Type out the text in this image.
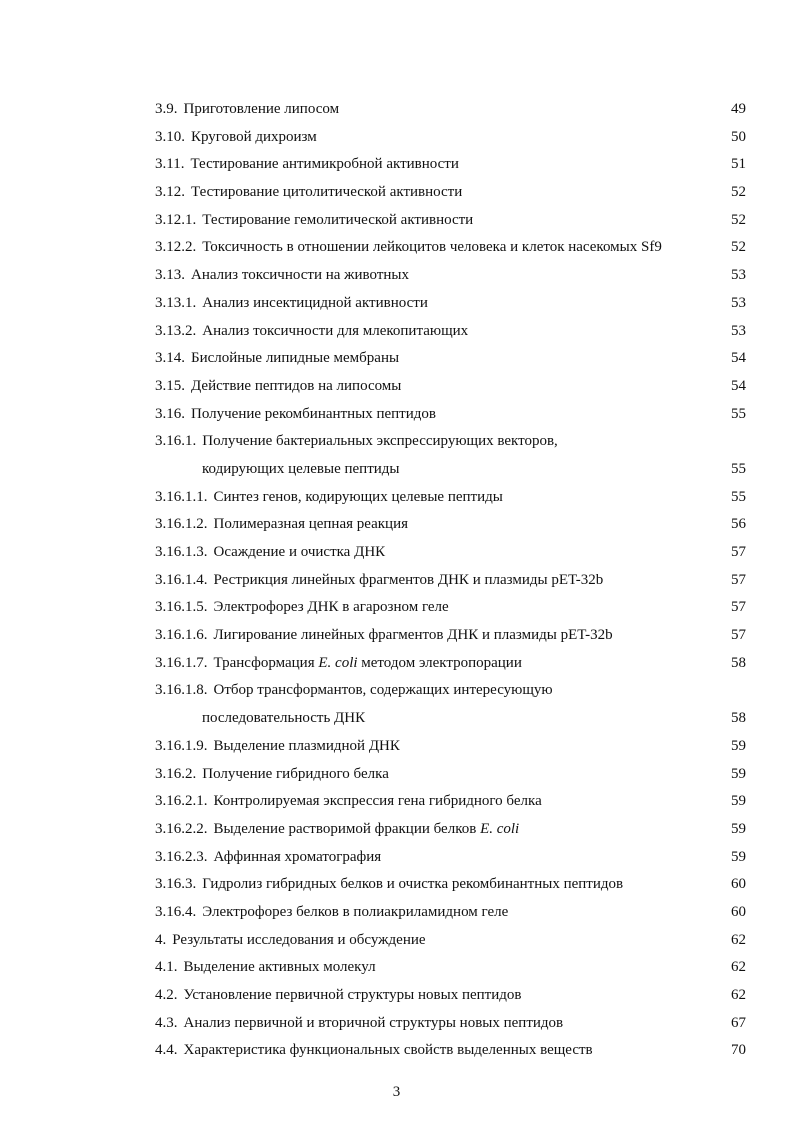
3.9. Приготовление липосом	49
3.10. Круговой дихроизм	50
3.11. Тестирование антимикробной активности	51
3.12. Тестирование цитолитической активности	52
3.12.1. Тестирование гемолитической активности	52
3.12.2. Токсичность в отношении лейкоцитов человека и клеток насекомых Sf9	52
3.13. Анализ токсичности на животных	53
3.13.1. Анализ инсектицидной активности	53
3.13.2. Анализ токсичности для млекопитающих	53
3.14. Бислойные липидные мембраны	54
3.15. Действие пептидов на липосомы	54
3.16. Получение рекомбинантных пептидов	55
3.16.1. Получение бактериальных экспрессирующих векторов,
кодирующих целевые пептиды	55
3.16.1.1. Синтез генов, кодирующих целевые пептиды	55
3.16.1.2. Полимеразная цепная реакция	56
3.16.1.3. Осаждение и очистка ДНК	57
3.16.1.4. Рестрикция линейных фрагментов ДНК и плазмиды pET-32b	57
3.16.1.5. Электрофорез ДНК в агарозном геле	57
3.16.1.6. Лигирование линейных фрагментов ДНК и плазмиды pET-32b	57
3.16.1.7. Трансформация E. coli методом электропорации	58
3.16.1.8. Отбор трансформантов, содержащих интересующую
последовательность ДНК	58
3.16.1.9. Выделение плазмидной ДНК	59
3.16.2. Получение гибридного белка	59
3.16.2.1. Контролируемая экспрессия гена гибридного белка	59
3.16.2.2. Выделение растворимой фракции белков E. coli	59
3.16.2.3. Аффинная хроматография	59
3.16.3. Гидролиз гибридных белков и очистка рекомбинантных пептидов	60
3.16.4. Электрофорез белков в полиакриламидном геле	60
4. Результаты исследования и обсуждение	62
4.1. Выделение активных молекул	62
4.2. Установление первичной структуры новых пептидов	62
4.3. Анализ первичной и вторичной структуры новых пептидов	67
4.4. Характеристика функциональных свойств выделенных веществ	70
3
